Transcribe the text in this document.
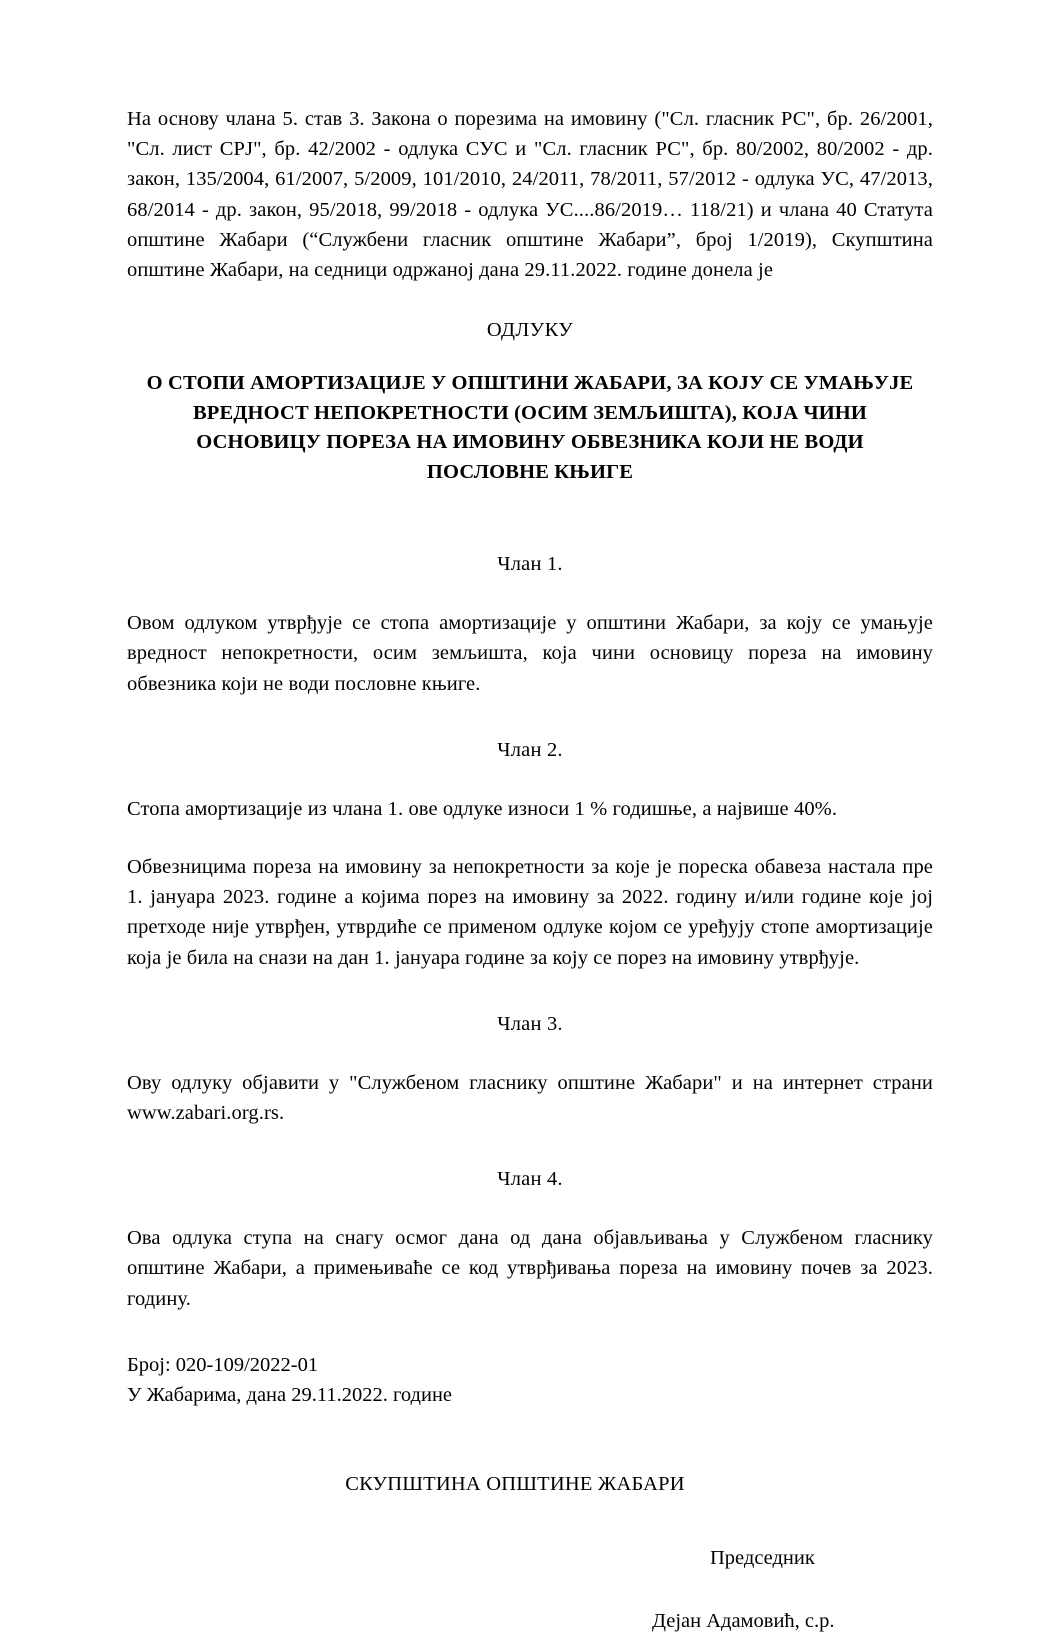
На основу члана 5. став 3. Закона о порезима на имовину ("Сл. гласник РС", бр. 26/2001, "Сл. лист СРЈ", бр. 42/2002 - одлука СУС и "Сл. гласник РС", бр. 80/2002, 80/2002 - др. закон, 135/2004, 61/2007, 5/2009, 101/2010, 24/2011, 78/2011, 57/2012 - одлука УС, 47/2013, 68/2014 - др. закон, 95/2018, 99/2018 - одлука УС....86/2019… 118/21) и члана 40 Статута општине Жабари (“Службени гласник општине Жабари”, број 1/2019), Скупштина општине Жабари, на седници одржаној дана 29.11.2022. године донела је

ОДЛУКУ
О СТОПИ АМОРТИЗАЦИЈЕ У ОПШТИНИ ЖАБАРИ, ЗА КОЈУ СЕ УМАЊУЈЕ
ВРЕДНОСТ НЕПОКРЕТНОСТИ (ОСИМ ЗЕМЉИШТА), КОЈА ЧИНИ
ОСНОВИЦУ ПОРЕЗА НА ИМОВИНУ ОБВЕЗНИКА КОЈИ НЕ ВОДИ
ПОСЛОВНЕ КЊИГЕ
Члан 1.

Овом одлуком утврђује се стопа амортизације у општини Жабари, за коју се умањује вредност непокретности, осим земљишта, која чини основицу пореза на имовину обвезника који не води пословне књиге.

Члан 2.

Стопа амортизације из члана 1. ове одлуке износи 1 % годишње, а највише 40%.

Обвезницима пореза на имовину за непокретности за које је пореска обавеза настала пре 1. јануара 2023. године а којима порез на имовину за 2022. годину и/или године које јој претходе није утврђен, утврдиће се применом одлуке којом се уређују стопе амортизације која је била на снази на дан 1. јануара године за коју се порез на имовину утврђује.

Члан 3.

Ову одлуку објавити у "Службеном гласнику општине Жабари" и на интернет страни www.zabari.org.rs.

Члан 4.

Ова одлука ступа на снагу осмог дана од дана објављивања у Службеном гласнику општине Жабари, а примењиваће се код утврђивања пореза на имовину почев за 2023. годину.

Број: 020-109/2022-01
У Жабарима, дана 29.11.2022. године
СКУПШТИНА ОПШТИНЕ ЖАБАРИ
Председник
Дејан Адамовић, с.р.
